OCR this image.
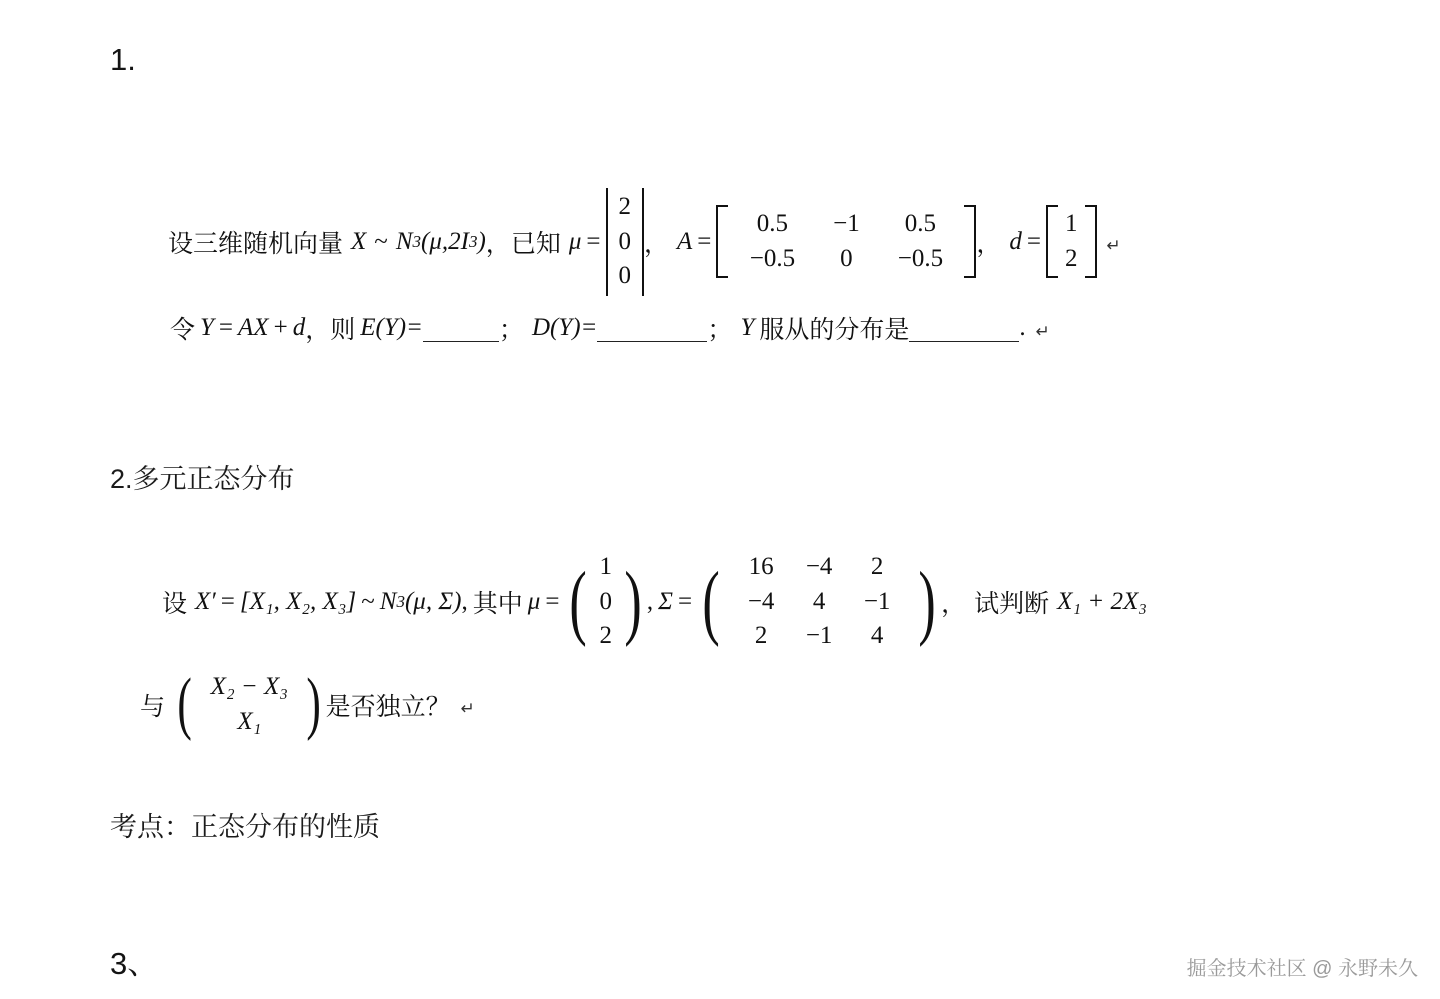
1.
设三维随机向量 X ~ N 3 (μ,2I 3 ) ， 已知 μ =
2
0
0
， A =
0.5	−1	0.5
−0.5	0	−0.5
， d =
1
2 ↵
令 Y = AX + d ， 则 E(Y)=	； D(Y)=	； Y 服从的分布是	. ↵
2.多元正态分布
设 X′ = [X₁, X₂, X₃] ~ N 3 (μ, Σ) , 其中 μ = ( 1
0
2 ) , Σ = (	16	−4	2
−4	4	−1
2	−1	4 ) ， 试判断 X₁ + 2X₃
与 ( X₂ − X₃
X₁ ) 是否独立？ ↵
考点：正态分布的性质
3、	掘金技术社区 @ 永野未久
